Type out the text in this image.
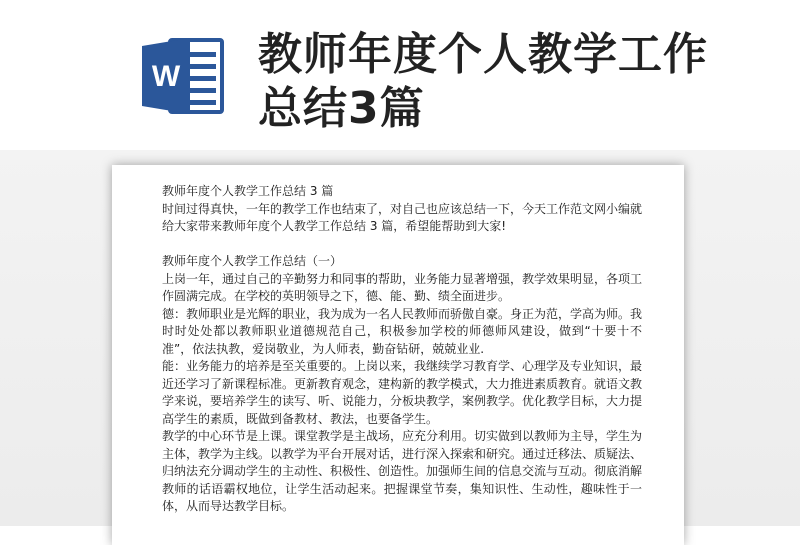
W 教师年度个人教学工作总结3篇

教师年度个人教学工作总结 3 篇

时间过得真快，一年的教学工作也结束了，对自己也应该总结一下，今天工作范文网小编就给大家带来教师年度个人教学工作总结 3 篇，希望能帮助到大家!

教师年度个人教学工作总结（一）

上岗一年，通过自己的辛勤努力和同事的帮助，业务能力显著增强，教学效果明显，各项工作圆满完成。在学校的英明领导之下，德、能、勤、绩全面进步。

德：教师职业是光辉的职业，我为成为一名人民教师而骄傲自豪。身正为范，学高为师。我时时处处都以教师职业道德规范自己，积极参加学校的师德师风建设，做到“十要十不准”，依法执教，爱岗敬业，为人师表，勤奋钻研，兢兢业业.

能：业务能力的培养是至关重要的。上岗以来，我继续学习教育学、心理学及专业知识，最近还学习了新课程标准。更新教育观念，建构新的教学模式，大力推进素质教育。就语文教学来说，要培养学生的读写、听、说能力，分板块教学，案例教学。优化教学目标，大力提高学生的素质，既做到备教材、教法，也要备学生。

教学的中心环节是上课。课堂教学是主战场，应充分利用。切实做到以教师为主导，学生为主体，教学为主线。以教学为平台开展对话，进行深入探索和研究。通过迁移法、质疑法、归纳法充分调动学生的主动性、积极性、创造性。加强师生间的信息交流与互动。彻底消解教师的话语霸权地位，让学生活动起来。把握课堂节奏，集知识性、生动性，趣味性于一体，从而导达教学目标。
